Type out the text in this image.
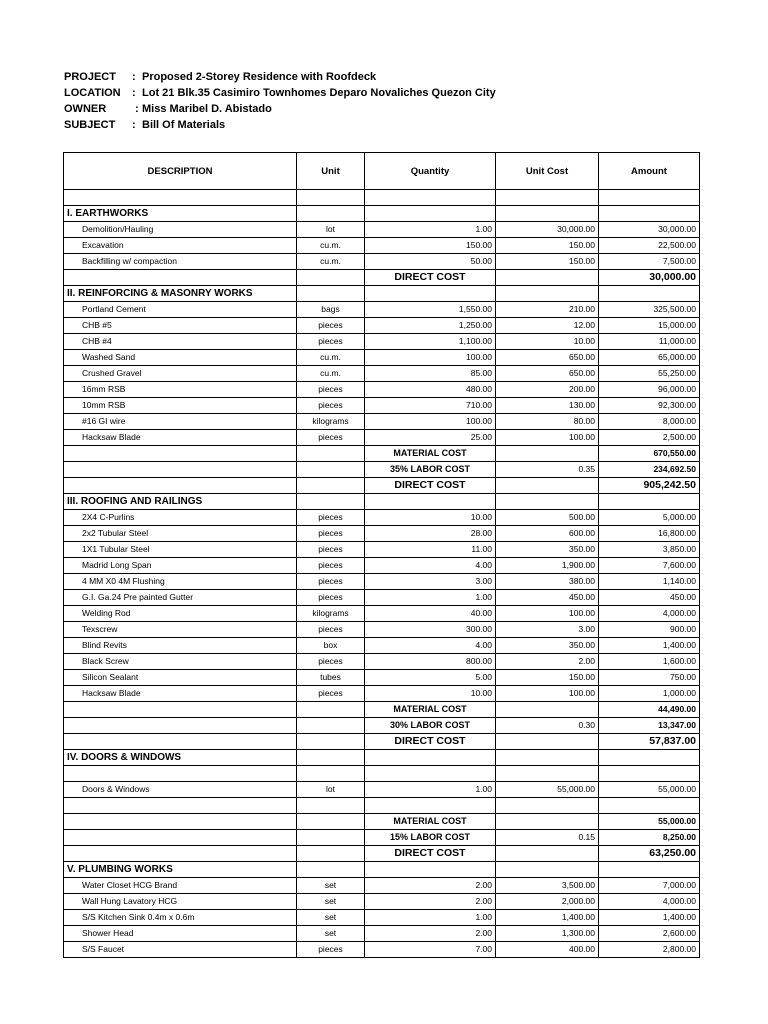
PROJECT	: Proposed 2-Storey Residence with Roofdeck
LOCATION	: Lot 21 Blk.35 Casimiro Townhomes Deparo Novaliches Quezon City
OWNER	: Miss Maribel D. Abistado
SUBJECT	: Bill Of Materials
DESCRIPTION	Unit	Quantity	Unit Cost	Amount

I. EARTHWORKS				
Demolition/Hauling	lot	1.00	30,000.00	30,000.00
Excavation	cu.m.	150.00	150.00	22,500.00
Backfilling w/ compaction	cu.m.	50.00	150.00	7,500.00
		DIRECT COST		30,000.00
II. REINFORCING & MASONRY WORKS				
Portland Cement	bags	1,550.00	210.00	325,500.00
CHB #5	pieces	1,250.00	12.00	15,000.00
CHB #4	pieces	1,100.00	10.00	11,000.00
Washed Sand	cu.m.	100.00	650.00	65,000.00
Crushed Gravel	cu.m.	85.00	650.00	55,250.00
16mm RSB	pieces	480.00	200.00	96,000.00
10mm RSB	pieces	710.00	130.00	92,300.00
#16 GI wire	kilograms	100.00	80.00	8,000.00
Hacksaw Blade	pieces	25.00	100.00	2,500.00
		MATERIAL COST		670,550.00
		35% LABOR COST	0.35	234,692.50
		DIRECT COST		905,242.50
III. ROOFING AND RAILINGS				
2X4 C-Purlins	pieces	10.00	500.00	5,000.00
2x2 Tubular Steel	pieces	28.00	600.00	16,800.00
1X1 Tubular Steel	pieces	11.00	350.00	3,850.00
Madrid Long Span	pieces	4.00	1,900.00	7,600.00
4 MM X0 4M Flushing	pieces	3.00	380.00	1,140.00
G.I. Ga.24 Pre painted Gutter	pieces	1.00	450.00	450.00
Welding Rod	kilograms	40.00	100.00	4,000.00
Texscrew	pieces	300.00	3.00	900.00
Blind Revits	box	4.00	350.00	1,400.00
Black Screw	pieces	800.00	2.00	1,600.00
Silicon Sealant	tubes	5.00	150.00	750.00
Hacksaw Blade	pieces	10.00	100.00	1,000.00
		MATERIAL COST		44,490.00
		30% LABOR COST	0.30	13,347.00
		DIRECT COST		57,837.00
IV. DOORS & WINDOWS				

Doors & Windows	lot	1.00	55,000.00	55,000.00

		MATERIAL COST		55,000.00
		15% LABOR COST	0.15	8,250.00
		DIRECT COST		63,250.00
V. PLUMBING WORKS				
Water Closet HCG Brand	set	2.00	3,500.00	7,000.00
Wall Hung Lavatory HCG	set	2.00	2,000.00	4,000.00
S/S Kitchen Sink 0.4m x 0.6m	set	1.00	1,400.00	1,400.00
Shower Head	set	2.00	1,300.00	2,600.00
S/S Faucet	pieces	7.00	400.00	2,800.00
